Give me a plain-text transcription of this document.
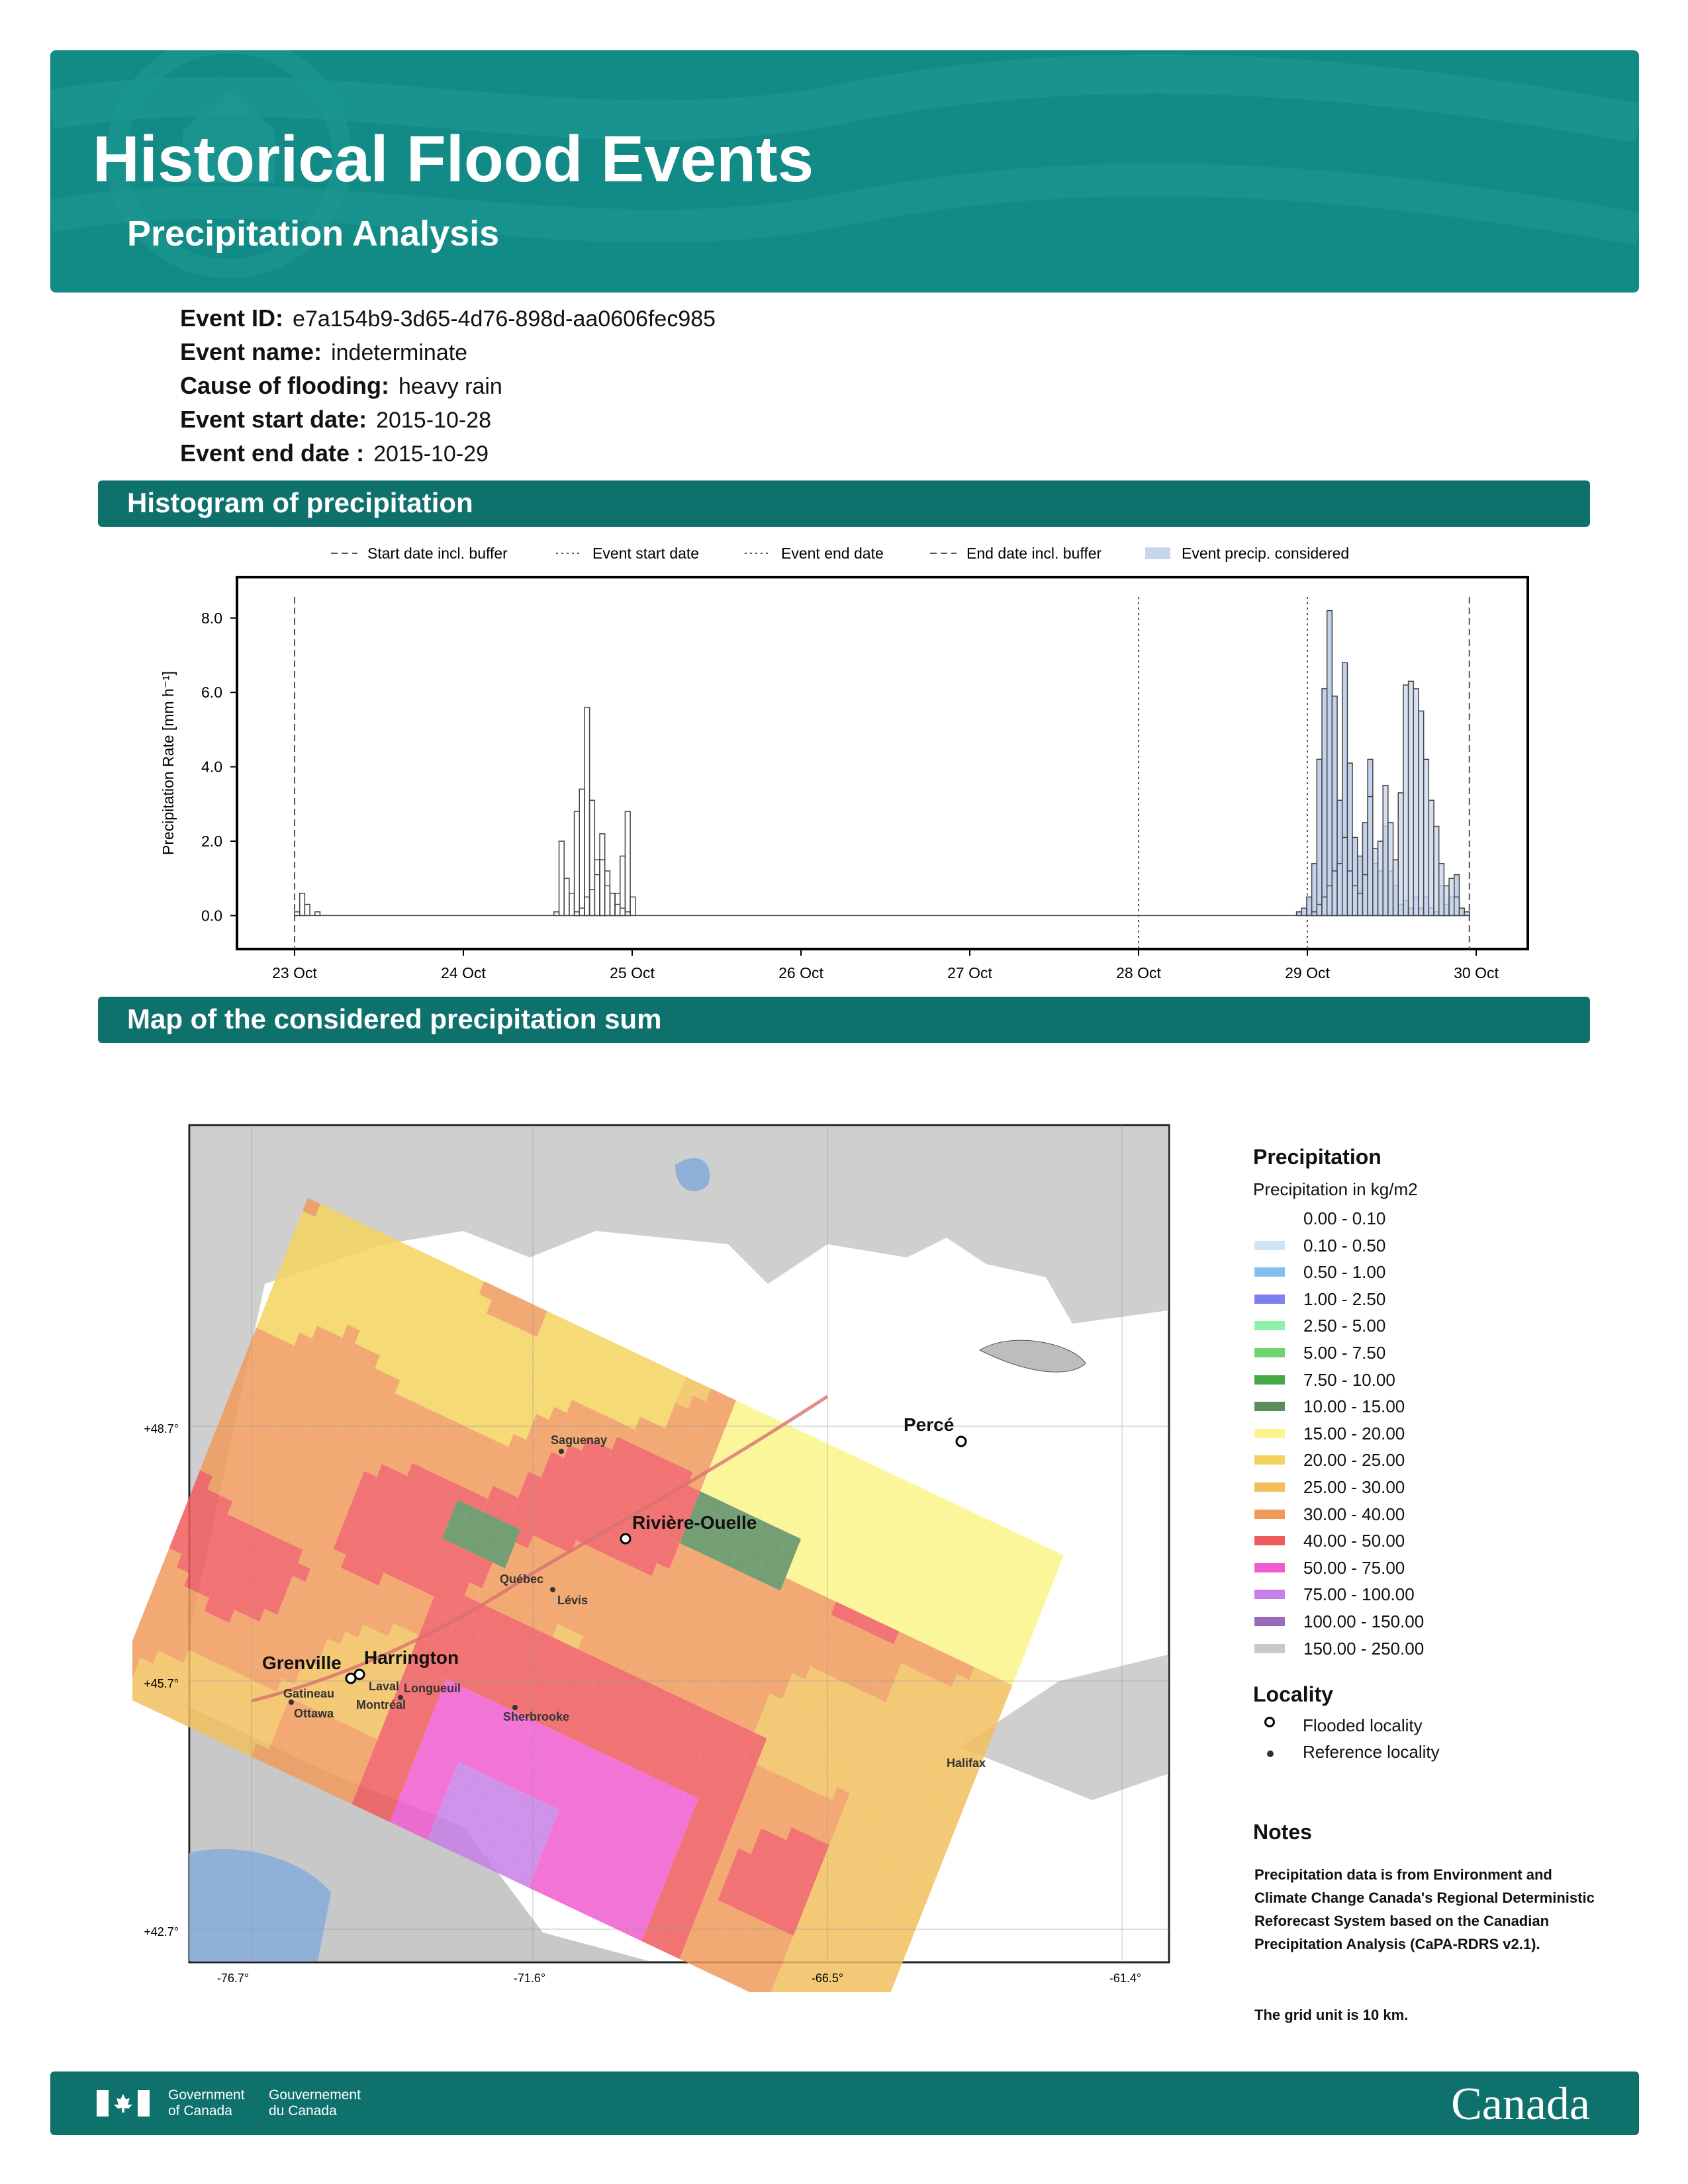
Historical Flood Events
Precipitation Analysis
Event ID: e7a154b9-3d65-4d76-898d-aa0606fec985
Event name: indeterminate
Cause of flooding: heavy rain
Event start date: 2015-10-28
Event end date : 2015-10-29
Histogram of precipitation
Start date incl. buffer	Event start date	Event end date	End date incl. buffer	Event precip. considered
0.0
2.0
4.0
6.0
8.0
Precipitation Rate [mm h⁻¹]
23 Oct	24 Oct	25 Oct	26 Oct	27 Oct	28 Oct	29 Oct	30 Oct
Map of the considered precipitation sum
+48.7°
+45.7°
+42.7°
-76.7°	-71.6°	-66.5°	-61.4°
Grenville Harrington
Rivière-Ouelle
Percé
Saguenay
Québec
Lévis
Gatineau
Laval Longueuil
Montréal
Ottawa	Sherbrooke
Halifax
Precipitation
Precipitation in kg/m2
0.00 - 0.10
0.10 - 0.50
0.50 - 1.00
1.00 - 2.50
2.50 - 5.00
5.00 - 7.50
7.50 - 10.00
10.00 - 15.00
15.00 - 20.00
20.00 - 25.00
25.00 - 30.00
30.00 - 40.00
40.00 - 50.00
50.00 - 75.00
75.00 - 100.00
100.00 - 150.00
150.00 - 250.00
Locality
Flooded locality
Reference locality
Notes
Precipitation data is from Environment and Climate Change Canada's Regional Deterministic Reforecast System based on the Canadian Precipitation Analysis (CaPA-RDRS v2.1).
The grid unit is 10 km.
Government
of Canada
Gouvernement
du Canada	Canada
